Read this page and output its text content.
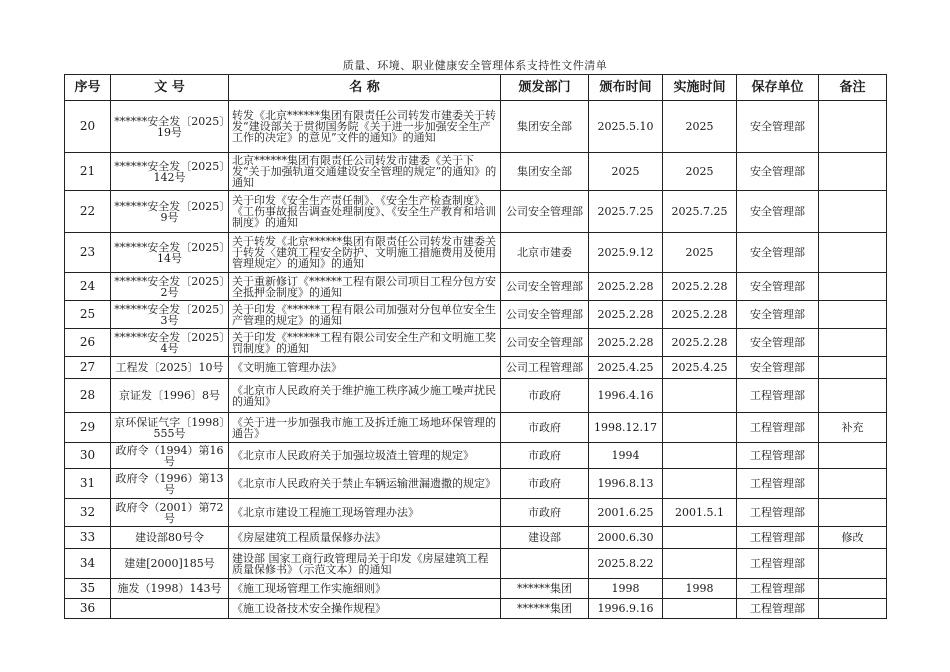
质量、环境、职业健康安全管理体系支持性文件清单
序号	文 号	名 称	颁发部门	颁布时间	实施时间	保存单位	备注
20	******安全发〔2025〕19号	转发《北京******集团有限责任公司转发市建委关于转发“建设部关于贯彻国务院《关于进一步加强安全生产工作的决定》的意见”文件的通知》的通知	集团安全部	2025.5.10	2025	安全管理部	
21	******安全发〔2025〕142号	北京******集团有限责任公司转发市建委《关于下发“关于加强轨道交通建设安全管理的规定”的通知》的通知	集团安全部	2025	2025	安全管理部	
22	******安全发〔2025〕9号	关于印发《安全生产责任制》、《安全生产检查制度》、《工伤事故报告调查处理制度》、《安全生产教育和培训制度》的通知	公司安全管理部	2025.7.25	2025.7.25	安全管理部	
23	******安全发〔2025〕14号	关于转发《北京******集团有限责任公司转发市建委关于转发〈建筑工程安全防护、文明施工措施费用及使用管理规定〉的通知》的通知	北京市建委	2025.9.12	2025	安全管理部	
24	******安全发〔2025〕2号	关于重新修订《******工程有限公司项目工程分包方安全抵押金制度》的通知	公司安全管理部	2025.2.28	2025.2.28	安全管理部	
25	******安全发〔2025〕3号	关于印发《******工程有限公司加强对分包单位安全生产管理的规定》的通知	公司安全管理部	2025.2.28	2025.2.28	安全管理部	
26	******安全发〔2025〕4号	关于印发《******工程有限公司安全生产和文明施工奖罚制度》的通知	公司安全管理部	2025.2.28	2025.2.28	安全管理部	
27	工程发〔2025〕10号	《文明施工管理办法》	公司工程管理部	2025.4.25	2025.4.25	安全管理部	
28	京证发〔1996〕8号	《北京市人民政府关于维护施工秩序减少施工噪声扰民的通知》	市政府	1996.4.16		工程管理部	
29	京环保证气字〔1998〕555号	《关于进一步加强我市施工及拆迁施工场地环保管理的通告》	市政府	1998.12.17		工程管理部	补充
30	政府令（1994）第16号	《北京市人民政府关于加强垃圾渣土管理的规定》	市政府	1994		工程管理部	
31	政府令（1996）第13号	《北京市人民政府关于禁止车辆运输泄漏遗撒的规定》	市政府	1996.8.13		工程管理部	
32	政府令（2001）第72号	《北京市建设工程施工现场管理办法》	市政府	2001.6.25	2001.5.1	工程管理部	
33	建设部80号令	《房屋建筑工程质量保修办法》	建设部	2000.6.30		工程管理部	修改
34	建建[2000]185号	建设部 国家工商行政管理局关于印发《房屋建筑工程质量保修书》（示范文本）的通知		2025.8.22		工程管理部	
35	施发（1998）143号	《施工现场管理工作实施细则》	******集团	1998	1998	工程管理部	
36		《施工设备技术安全操作规程》	******集团	1996.9.16		工程管理部	
